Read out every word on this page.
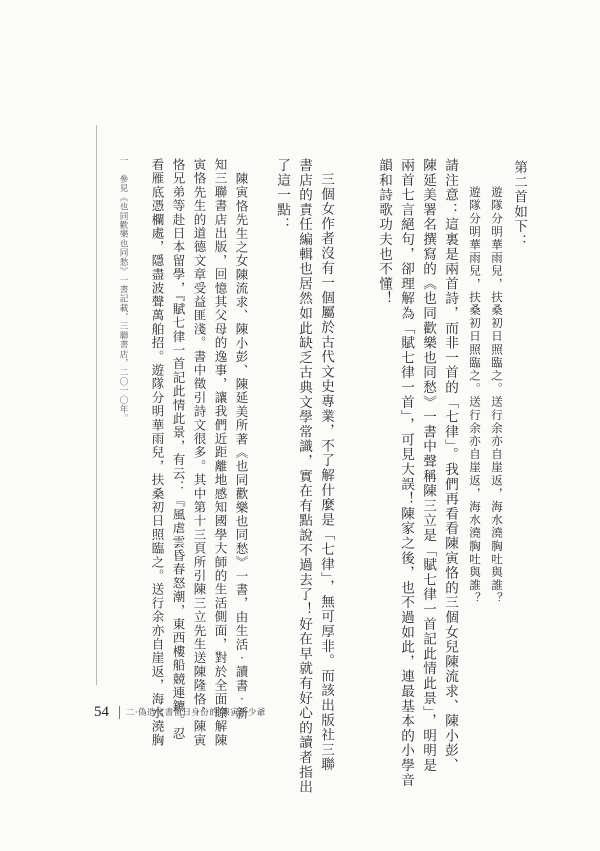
遊隊分明華雨兒，扶桑初日照臨之。送行余亦自崖返，海水澆胸吐與誰？
遊隊分明華雨兒，扶桑初日照臨之。送行余亦自崖返，海水澆胸吐與誰？ 第二首如下：
請注意：這裏是兩首詩，而非一首的「七律」。我們再看看陳寅恪的三個女兒陳流求、陳小彭、
陳延美署名撰寫的《也同歡樂也同愁》一書中聲稱陳三立是「賦七律一首記此情此景」，明明是
兩首七言絕句，卻理解為「賦七律一首」，可見大誤！陳家之後，也不過如此，連最基本的小學音
韻和詩歌功夫也不懂！
三個女作者沒有一個屬於古代文史專業，不了解什麼是「七律」，無可厚非。而該出版社三聯
書店的責任編輯也居然如此缺乏古典文學常識，實在有點說不過去了！好在早就有好心的讀者指出
了這一點：
陳寅恪先生之女陳流求、陳小彭、陳延美所著《也同歡樂也同愁》一書，由生活‧讀書‧新
知三聯書店出版，回憶其父母的逸事，讓我們近距離地感知國學大師的生活側面，對於全面瞭解陳
寅恪先生的道德文章受益匪淺。書中徵引詩文很多。其中第十三頁所引陳三立先生送陳隆恪、陳寅
恪兄弟等赴日本留學，『賦七律一首記此情此景，有云：『風虐雲昏春怒潮，東西樓船競連鑣。忍
看雁底憑欄處，隱盡波聲萬舶招。遊隊分明華雨兒，扶桑初日照臨之。送行余亦自崖返，海水澆胸
一　參見《也同歡樂也同愁》一書記載，三聯書店，二〇一〇年。
54 二‧偽造官書留日身份的 陳寅恪少爺
